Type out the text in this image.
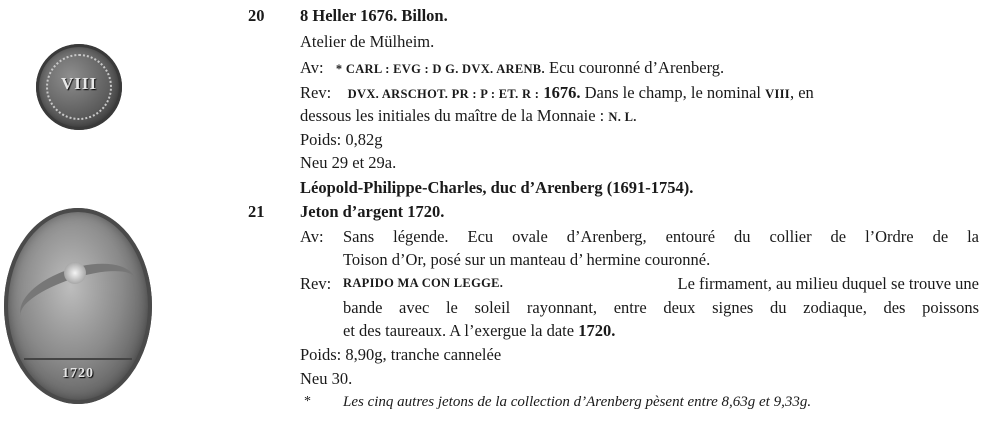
VIII
1720
20 8 Heller 1676. Billon.
Atelier de Mülheim.
Av: * CARL : EVG : D G. DVX. ARENB. Ecu couronné d’Arenberg.
Rev: DVX. ARSCHOT. PR : P : ET. R : 1676. Dans le champ, le nominal VIII, en
dessous les initiales du maître de la Monnaie : N. L.
Poids: 0,82g
Neu 29 et 29a.
Léopold-Philippe-Charles, duc d’Arenberg (1691-1754).
21 Jeton d’argent 1720.
Av: Sans légende. Ecu ovale d’Arenberg, entouré du collier de l’Ordre de la
Toison d’Or, posé sur un manteau d’ hermine couronné.
Rev: RAPIDO MA CON LEGGE.	Le firmament, au milieu duquel se trouve une
bande avec le soleil rayonnant, entre deux signes du zodiaque, des poissons
et des taureaux. A l’exergue la date 1720.
Poids: 8,90g, tranche cannelée
Neu 30.
* Les cinq autres jetons de la collection d’Arenberg pèsent entre 8,63g et 9,33g.
